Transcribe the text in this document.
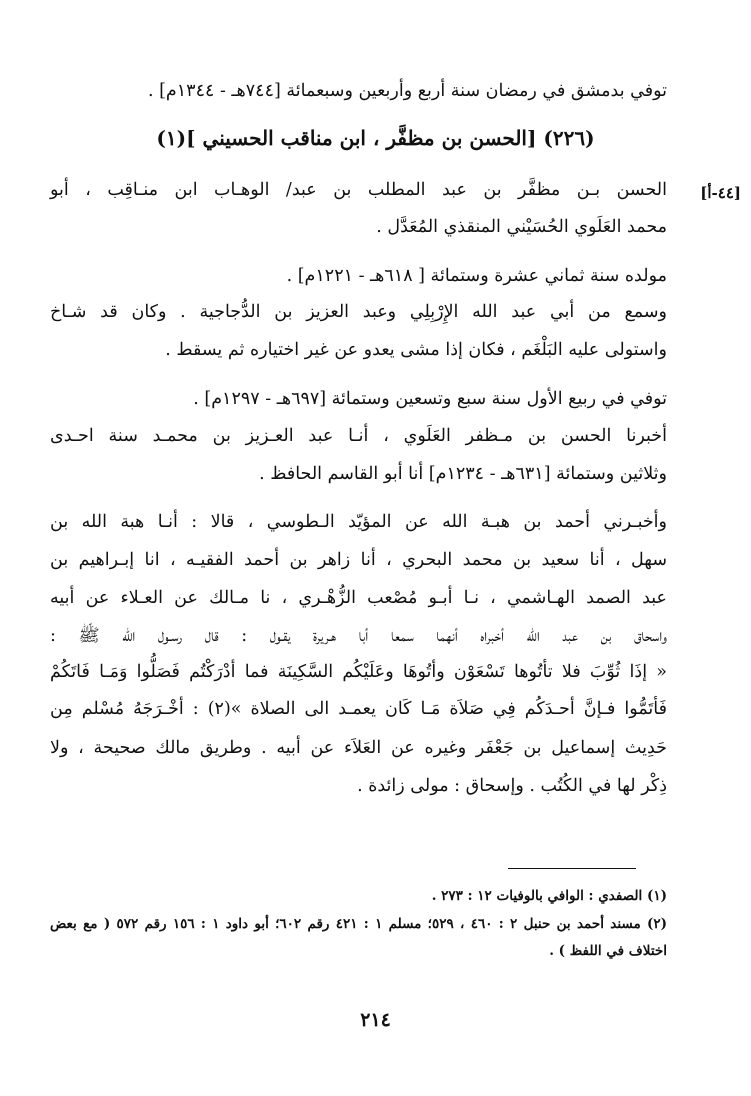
توفي بدمشق في رمضان سنة أربع وأربعين وسبعمائة [٧٤٤هـ - ١٣٤٤م] .
(٢٢٦) [الحسن بن مظفَّر ، ابن مناقب الحسيني ](١)
[٤٤-أ]
الحسن بـن مظفَّر بن عبد المطلب بن عبد/ الوهـاب ابن منـاقِب ، أبو
محمد العَلَوي الحُسَيْني المنقذي المُعَدَّل .
مولده سنة ثماني عشرة وستمائة [ ٦١٨هـ - ١٢٢١م] .
وسمع من أبي عبد الله الإِرْبِلِي وعبد العزيز بن الدُّجاجية . وكان قد شـاخ
واستولى عليه البَلْغَم ، فكان إذا مشى يعدو عن غير اختياره ثم يسقط .
توفي في ربيع الأول سنة سبع وتسعين وستمائة [٦٩٧هـ - ١٢٩٧م] .
أخبرنا الحسن بن مـظفر العَلَوي ، أنـا عبد العـزيز بن محمـد سنة احـدى
وثلاثين وستمائة [٦٣١هـ - ١٢٣٤م] أنا أبو القاسم الحافظ .
وأخبـرني أحمد بن هبـة الله عن المؤيّد الـطوسي ، قالا : أنـا هبة الله بن
سهل ، أنا سعيد بن محمد البحري ، أنا زاهر بن أحمد الفقيـه ، انا إبـراهيم بن
عبد الصمد الهـاشمي ، نـا أبـو مُصْعب الزُّهْـري ، نا مـالك عن العـلاء عن أبيه
واسحاق بن عبد الله أخبراه أنهما سمعا أبا هـريرة يقـول : قال رسـول اللّٰه ﷺ :
« إذَا ثُوِّبَ فلا تأتُوها تَسْعَوْن وأتُوهَا وعَلَيْكُم السَّكِينَة فما أدْرَكْتُم فَصَلُّوا وَمَـا فَاتَكُمْ
فَأتَمُّوا فـإنَّ أحـدَكُم فِي صَلاَة مَـا كَان يعمـد الى الصلاة »(٢) : أخْـرَجَهُ مُسْلم مِن
حَدِيث إسماعيل بن جَعْفَر وغيره عن العَلاَء عن أبيه . وطريق مالك صحيحة ، ولا
ذِكْر لها في الكُتُب . وإسحاق : مولى زائدة .
(١) الصفدي : الوافي بالوفيات ١٢ : ٢٧٣ .
(٢) مسند أحمد بن حنبل ٢ : ٤٦٠ ، ٥٢٩؛ مسلم ١ : ٤٢١ رقم ٦٠٢؛ أبو داود ١ : ١٥٦ رقم ٥٧٢ ( مع بعض
اختلاف في اللفظ ) .
٢١٤
